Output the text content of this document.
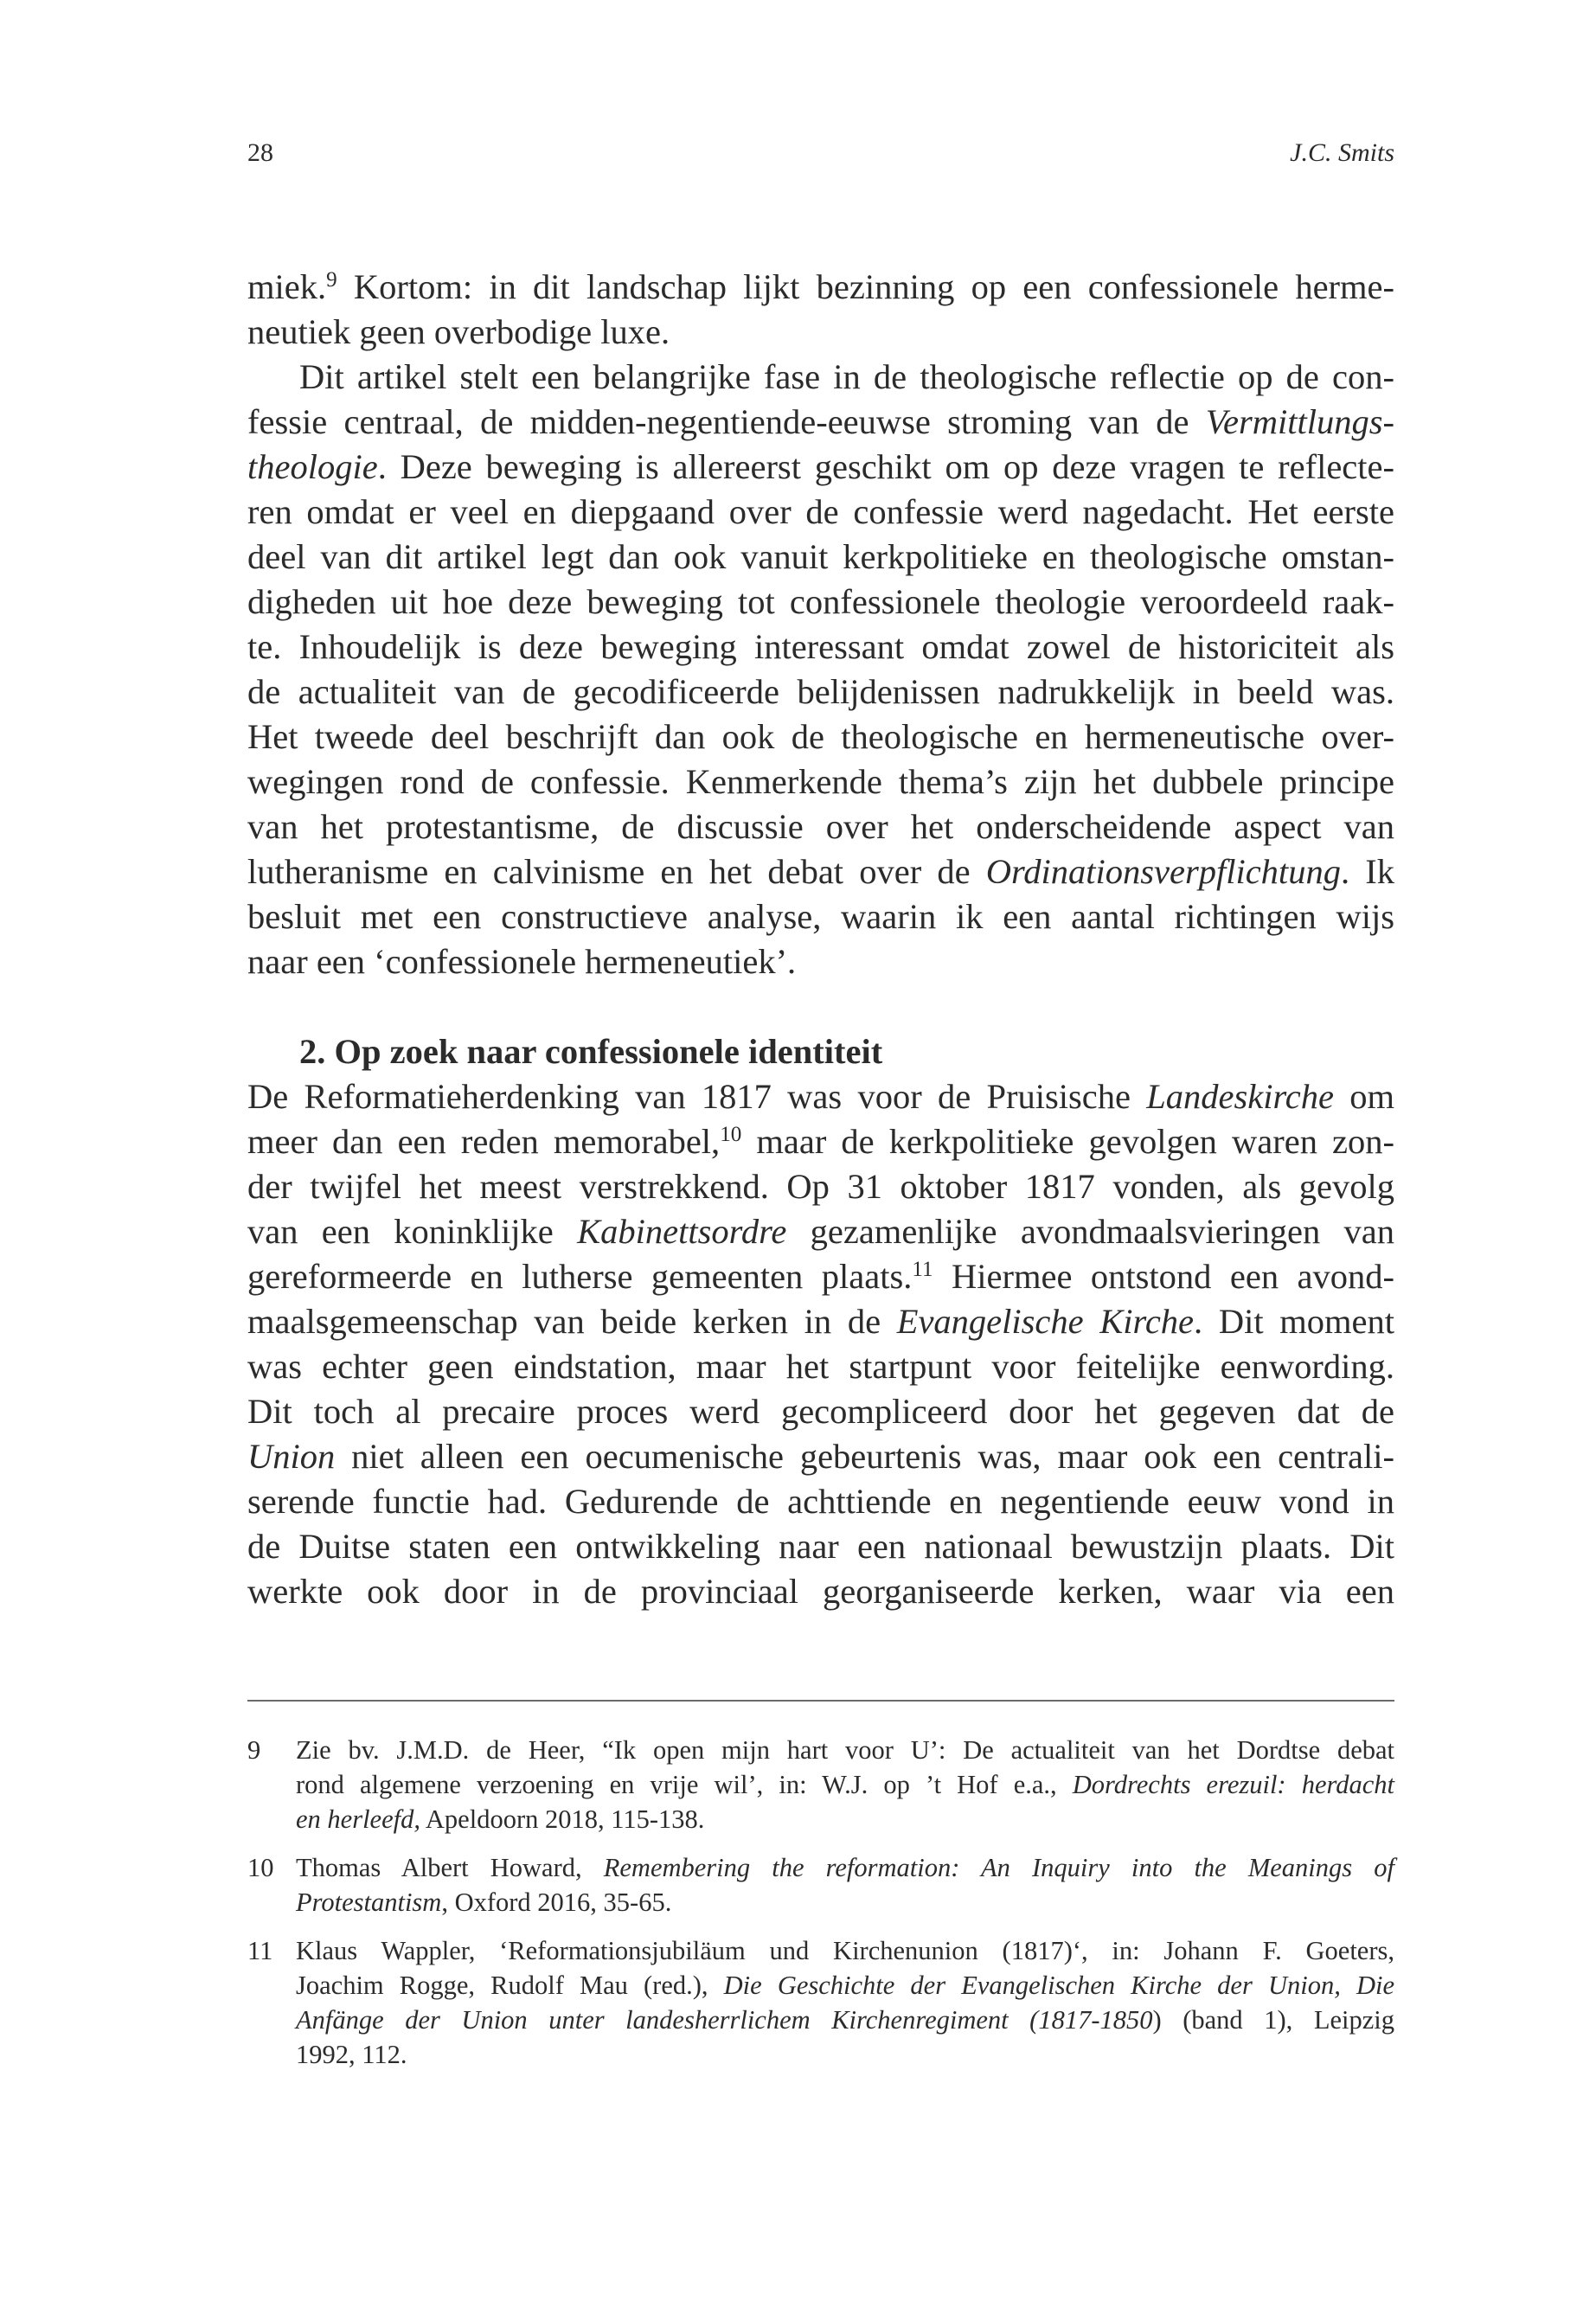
28	J.C. Smits
miek.$^9$ Kortom: in dit landschap lijkt bezinning op een confessionele herme-
neutiek geen overbodige luxe.
Dit artikel stelt een belangrijke fase in de theologische reflectie op de con-
fessie centraal, de midden-negentiende-eeuwse stroming van de Vermittlungs-
theologie. Deze beweging is allereerst geschikt om op deze vragen te reflecte-
ren omdat er veel en diepgaand over de confessie werd nagedacht. Het eerste
deel van dit artikel legt dan ook vanuit kerkpolitieke en theologische omstan-
digheden uit hoe deze beweging tot confessionele theologie veroordeeld raak-
te. Inhoudelijk is deze beweging interessant omdat zowel de historiciteit als
de actualiteit van de gecodificeerde belijdenissen nadrukkelijk in beeld was.
Het tweede deel beschrijft dan ook de theologische en hermeneutische over-
wegingen rond de confessie. Kenmerkende thema’s zijn het dubbele principe
van het protestantisme, de discussie over het onderscheidende aspect van
lutheranisme en calvinisme en het debat over de Ordinationsverpflichtung. Ik
besluit met een constructieve analyse, waarin ik een aantal richtingen wijs
naar een ‘confessionele hermeneutiek’.
2. Op zoek naar confessionele identiteit
De Reformatieherdenking van 1817 was voor de Pruisische Landeskirche om
meer dan een reden memorabel,$^{10}$ maar de kerkpolitieke gevolgen waren zon-
der twijfel het meest verstrekkend. Op 31 oktober 1817 vonden, als gevolg
van een koninklijke Kabinettsordre gezamenlijke avondmaalsvieringen van
gereformeerde en lutherse gemeenten plaats.$^{11}$ Hiermee ontstond een avond-
maalsgemeenschap van beide kerken in de Evangelische Kirche. Dit moment
was echter geen eindstation, maar het startpunt voor feitelijke eenwording.
Dit toch al precaire proces werd gecompliceerd door het gegeven dat de
Union niet alleen een oecumenische gebeurtenis was, maar ook een centrali-
serende functie had. Gedurende de achttiende en negentiende eeuw vond in
de Duitse staten een ontwikkeling naar een nationaal bewustzijn plaats. Dit
werkte ook door in de provinciaal georganiseerde kerken, waar via een
9 Zie bv. J.M.D. de Heer, “Ik open mijn hart voor U’: De actualiteit van het Dordtse debat
rond algemene verzoening en vrije wil’, in: W.J. op ’t Hof e.a., Dordrechts erezuil: herdacht
en herleefd, Apeldoorn 2018, 115-138.
10 Thomas Albert Howard, Remembering the reformation: An Inquiry into the Meanings of
Protestantism, Oxford 2016, 35-65.
11 Klaus Wappler, ‘Reformationsjubiläum und Kirchenunion (1817)‘, in: Johann F. Goeters,
Joachim Rogge, Rudolf Mau (red.), Die Geschichte der Evangelischen Kirche der Union, Die
Anfänge der Union unter landesherrlichem Kirchenregiment (1817-1850) (band 1), Leipzig
1992, 112.
